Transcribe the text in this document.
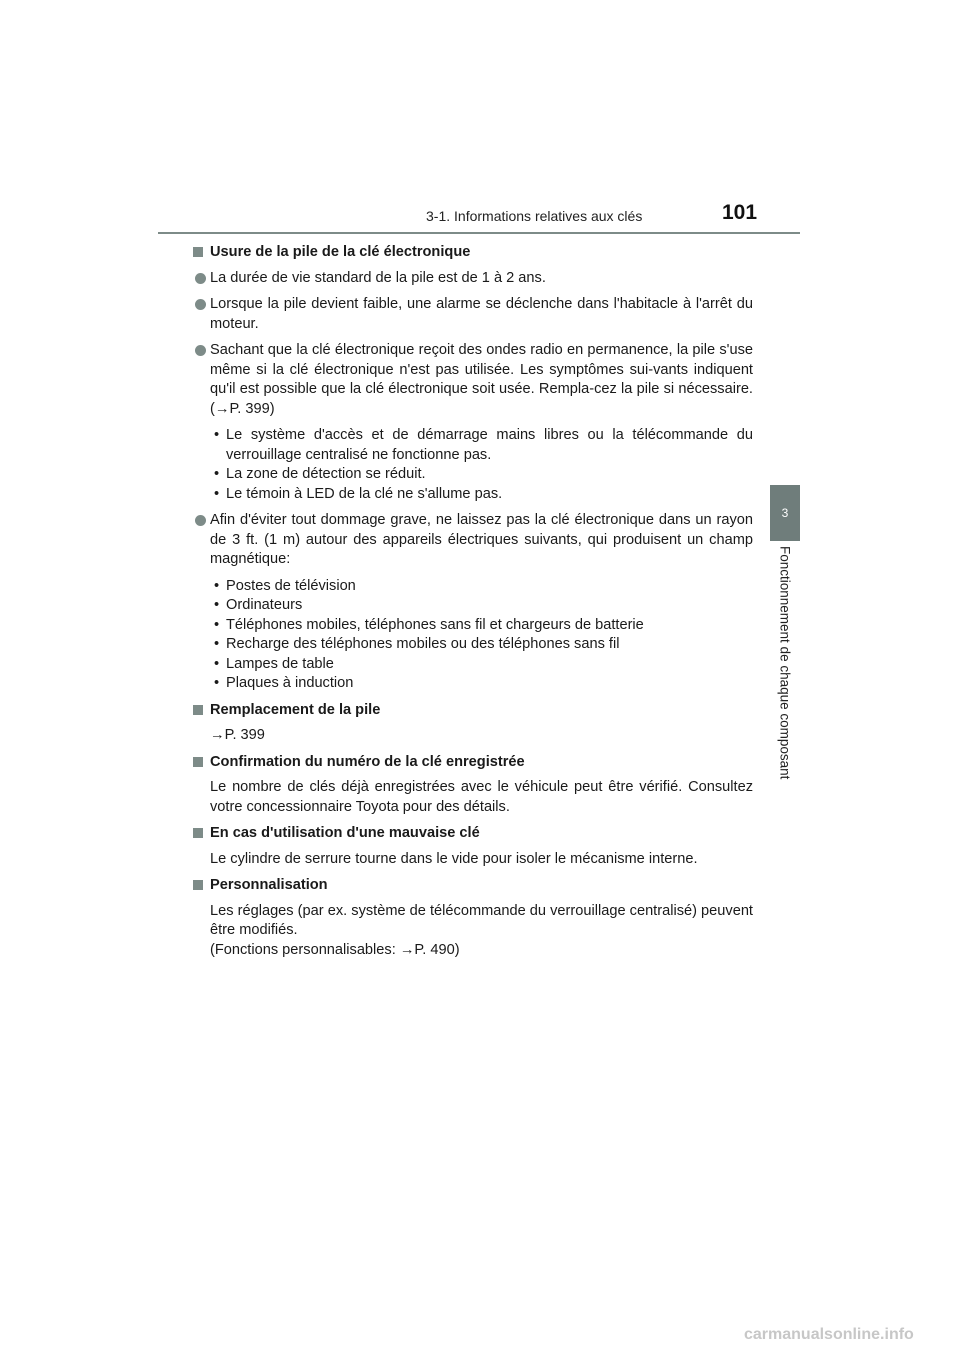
3-1. Informations relatives aux clés	101
3
Fonctionnement de chaque composant
Usure de la pile de la clé électronique
La durée de vie standard de la pile est de 1 à 2 ans.
Lorsque la pile devient faible, une alarme se déclenche dans l'habitacle à l'arrêt du moteur.
Sachant que la clé électronique reçoit des ondes radio en permanence, la pile s'use même si la clé électronique n'est pas utilisée. Les symptômes sui-vants indiquent qu'il est possible que la clé électronique soit usée. Rempla-cez la pile si nécessaire. (→P. 399)
• Le système d'accès et de démarrage mains libres ou la télécommande du verrouillage centralisé ne fonctionne pas.
• La zone de détection se réduit.
• Le témoin à LED de la clé ne s'allume pas.
Afin d'éviter tout dommage grave, ne laissez pas la clé électronique dans un rayon de 3 ft. (1 m) autour des appareils électriques suivants, qui produisent un champ magnétique:
• Postes de télévision
• Ordinateurs
• Téléphones mobiles, téléphones sans fil et chargeurs de batterie
• Recharge des téléphones mobiles ou des téléphones sans fil
• Lampes de table
• Plaques à induction
Remplacement de la pile
→P. 399
Confirmation du numéro de la clé enregistrée
Le nombre de clés déjà enregistrées avec le véhicule peut être vérifié. Consultez votre concessionnaire Toyota pour des détails.
En cas d'utilisation d'une mauvaise clé
Le cylindre de serrure tourne dans le vide pour isoler le mécanisme interne.
Personnalisation
Les réglages (par ex. système de télécommande du verrouillage centralisé) peuvent être modifiés.
(Fonctions personnalisables: →P. 490)
carmanualsonline.info
